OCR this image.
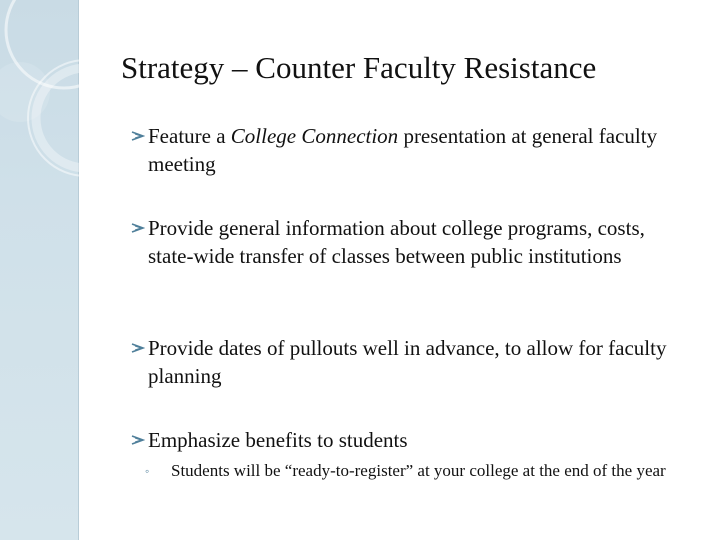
Strategy – Counter Faculty Resistance
Feature a College Connection presentation at general faculty meeting
Provide general information about college programs, costs, state-wide transfer of classes between public institutions
Provide dates of pullouts well in advance, to allow for faculty planning
Emphasize benefits to students
◦	Students will be “ready-to-register” at your college at the end of the year
